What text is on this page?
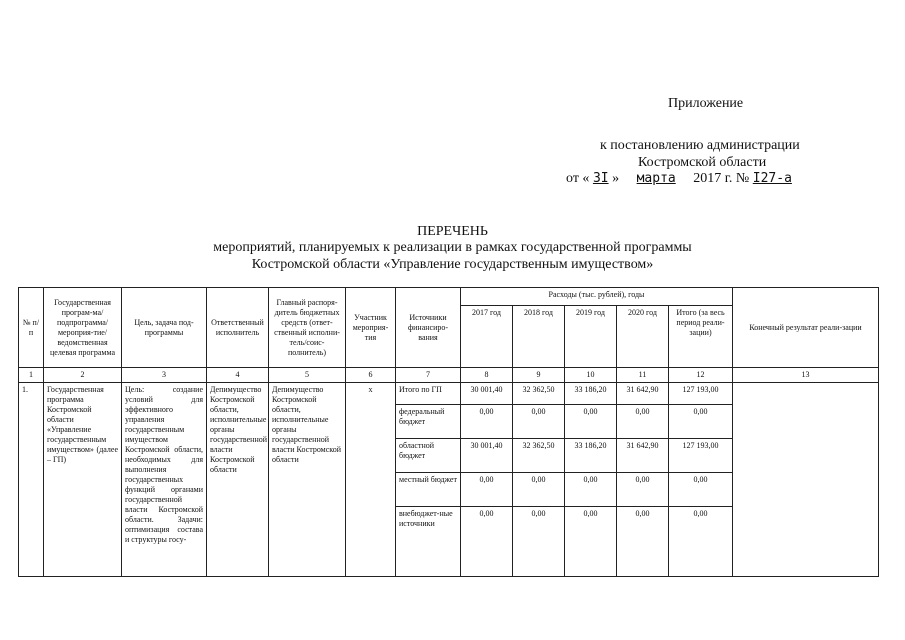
Приложение
к постановлению администрации
Костромской области
от « 3I » марта 2017 г. № I27-а
ПЕРЕЧЕНЬ
мероприятий, планируемых к реализации в рамках государственной программы
Костромской области «Управление государственным имуществом»
№ п/п	Государственная програм-ма/подпрограмма/ мероприя-тие/ведомственная целевая программа	Цель, задача под-программы	Ответственный исполнитель	Главный распоря-дитель бюджетных средств (ответ-ственный исполни-тель/соис-полнитель)	Участник мероприя-тия	Источники финансиро-вания	Расходы (тыс. рублей), годы					Конечный результат реали-зации
							2017 год	2018 год	2019 год	2020 год	Итого (за весь период реали-зации)	
1	2	3	4	5	6	7	8	9	10	11	12	13
1.	Государственная программа Костромской области «Управление государственным имуществом» (далее – ГП)	Цель: создание условий для эффективного управления государственным имуществом Костромской области, необходимых для выполнения государственных функций органами государственной власти Костромской области. Задачи: оптимизация состава и структуры госу-	Депимущество Костромской области, исполнительные органы государственной власти Костромской области	Депимущество Костромской области, исполнительные органы государственной власти Костромской области	х	Итого по ГП	30 001,40	32 362,50	33 186,20	31 642,90	127 193,00	
						федеральный бюджет	0,00	0,00	0,00	0,00	0,00	
						областной бюджет	30 001,40	32 362,50	33 186,20	31 642,90	127 193,00	
						местный бюджет	0,00	0,00	0,00	0,00	0,00	
						внебюджет-ные источники	0,00	0,00	0,00	0,00	0,00	
